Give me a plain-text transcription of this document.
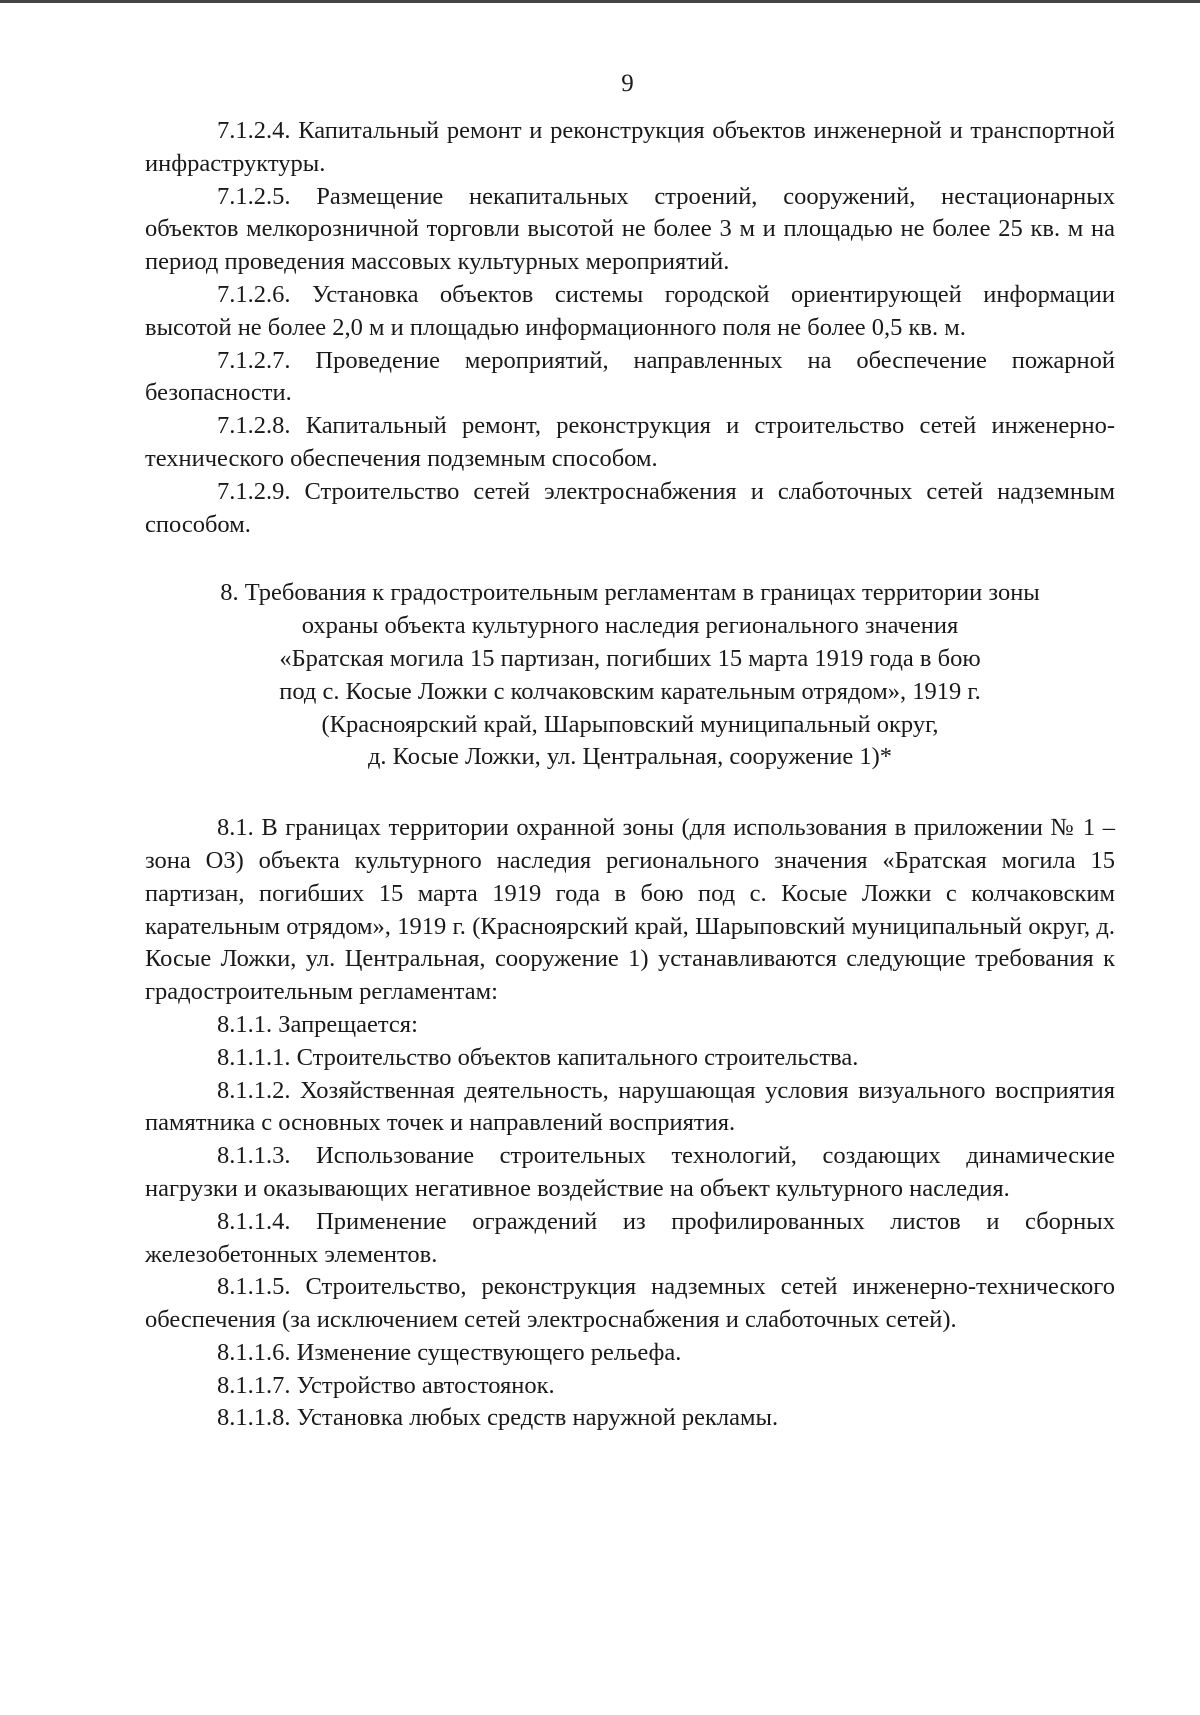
9

7.1.2.4. Капитальный ремонт и реконструкция объектов инженерной и транспортной инфраструктуры.

7.1.2.5. Размещение некапитальных строений, сооружений, нестационарных объектов мелкорозничной торговли высотой не более 3 м и площадью не более 25 кв. м на период проведения массовых культурных мероприятий.

7.1.2.6. Установка объектов системы городской ориентирующей информации высотой не более 2,0 м и площадью информационного поля не более 0,5 кв. м.

7.1.2.7. Проведение мероприятий, направленных на обеспечение пожарной безопасности.

7.1.2.8. Капитальный ремонт, реконструкция и строительство сетей инженерно-технического обеспечения подземным способом.

7.1.2.9. Строительство сетей электроснабжения и слаботочных сетей надземным способом.

8. Требования к градостроительным регламентам в границах территории зоны
охраны объекта культурного наследия регионального значения
«Братская могила 15 партизан, погибших 15 марта 1919 года в бою
под с. Косые Ложки с колчаковским карательным отрядом», 1919 г.
(Красноярский край, Шарыповский муниципальный округ,
д. Косые Ложки, ул. Центральная, сооружение 1)*

8.1. В границах территории охранной зоны (для использования в приложении № 1 – зона ОЗ) объекта культурного наследия регионального значения «Братская могила 15 партизан, погибших 15 марта 1919 года в бою под с. Косые Ложки с колчаковским карательным отрядом», 1919 г. (Красноярский край, Шарыповский муниципальный округ, д. Косые Ложки, ул. Центральная, сооружение 1) устанавливаются следующие требования к градостроительным регламентам:

8.1.1. Запрещается:

8.1.1.1. Строительство объектов капитального строительства.

8.1.1.2. Хозяйственная деятельность, нарушающая условия визуального восприятия памятника с основных точек и направлений восприятия.

8.1.1.3. Использование строительных технологий, создающих динамические нагрузки и оказывающих негативное воздействие на объект культурного наследия.

8.1.1.4. Применение ограждений из профилированных листов и сборных железобетонных элементов.

8.1.1.5. Строительство, реконструкция надземных сетей инженерно-технического обеспечения (за исключением сетей электроснабжения и слаботочных сетей).

8.1.1.6. Изменение существующего рельефа.

8.1.1.7. Устройство автостоянок.

8.1.1.8. Установка любых средств наружной рекламы.
